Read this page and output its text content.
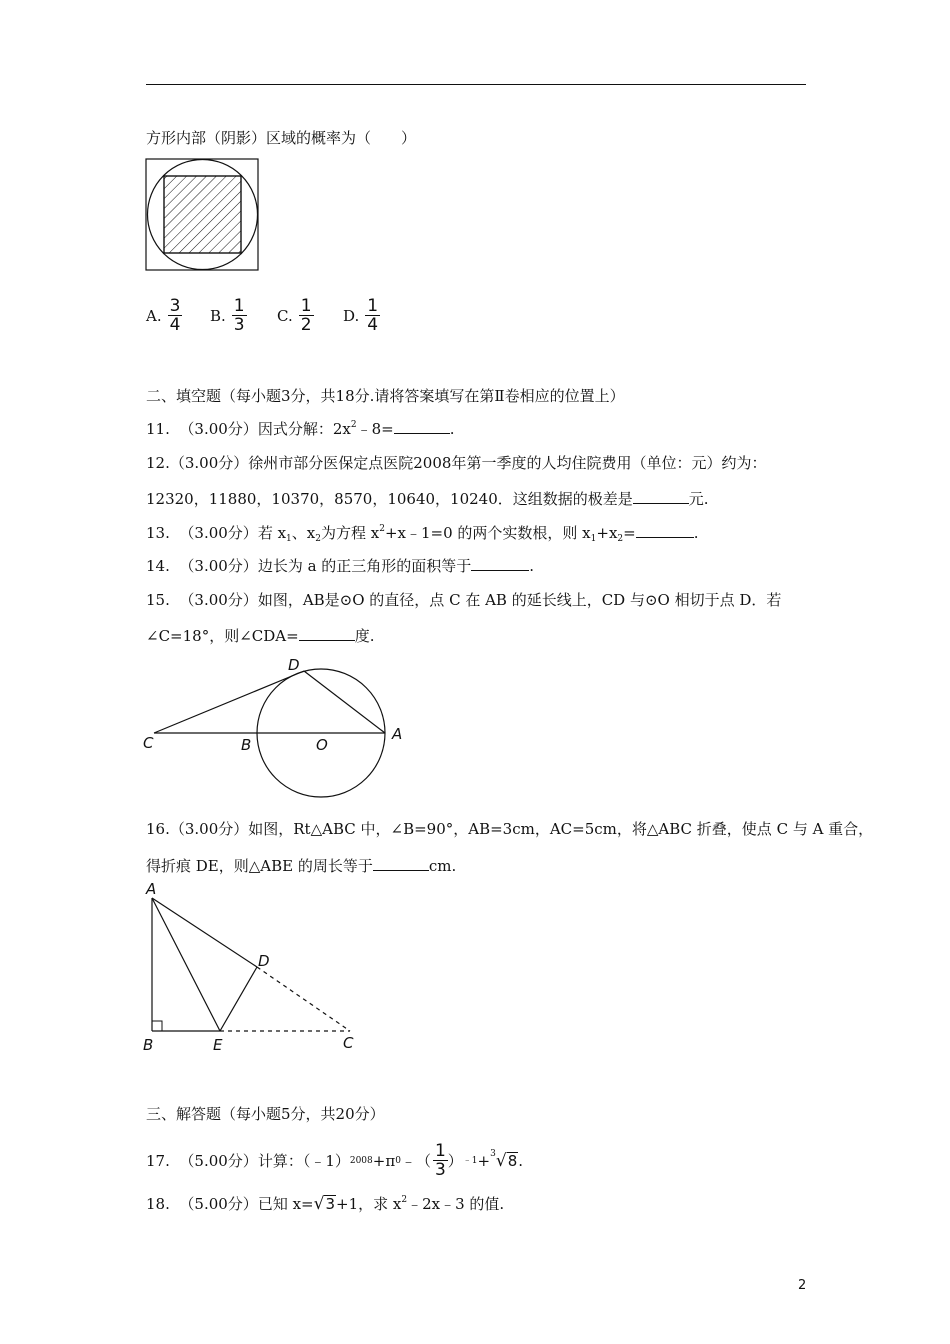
方形内部（阴影）区域的概率为（　　）
A. $\frac{3}{4} B$. $\frac{1}{3} C$. $\frac{1}{2} D$. $\frac{1}{4}$
二、填空题（每小题3分，共18分.请将答案填写在第Ⅱ卷相应的位置上）
11. （3.00分）因式分解：$2x^2﹣8=$	.
12.（3.00分）徐州市部分医保定点医院2008年第一季度的人均住院费用（单位：元）约为：
12320，11880，10370，8570，10640，10240．这组数据的极差是	元.
13. （3.00分）若 $x_1$、$x_2$为方程 $x^2+x﹣1=0$ 的两个实数根，则 $x_1+x_2=$	.
14. （3.00分）边长为 a 的正三角形的面积等于	.
15. （3.00分）如图，AB是⊙O 的直径，点 C 在 AB 的延长线上，CD 与⊙O 相切于点 D．若
∠C=18°，则∠CDA=	度.
C	B	O
A
D
16.（3.00分）如图，Rt△ABC 中，∠B=90°，AB=3cm，AC=5cm，将△ABC 折叠，使点 C 与 A 重合，
得折痕 DE，则△ABE 的周长等于	cm.
A
B	E	C
D
三、解答题（每小题5分，共20分）
17.
（5.00分） 计算：（﹣1） 2008 +π 0 ﹣（ $\frac{1}{3}$ ） ﹣1 + 3 √ 8 .
18. （5.00分）已知 x=√3+1，求 $x^2﹣2x﹣3$ 的值.
2
